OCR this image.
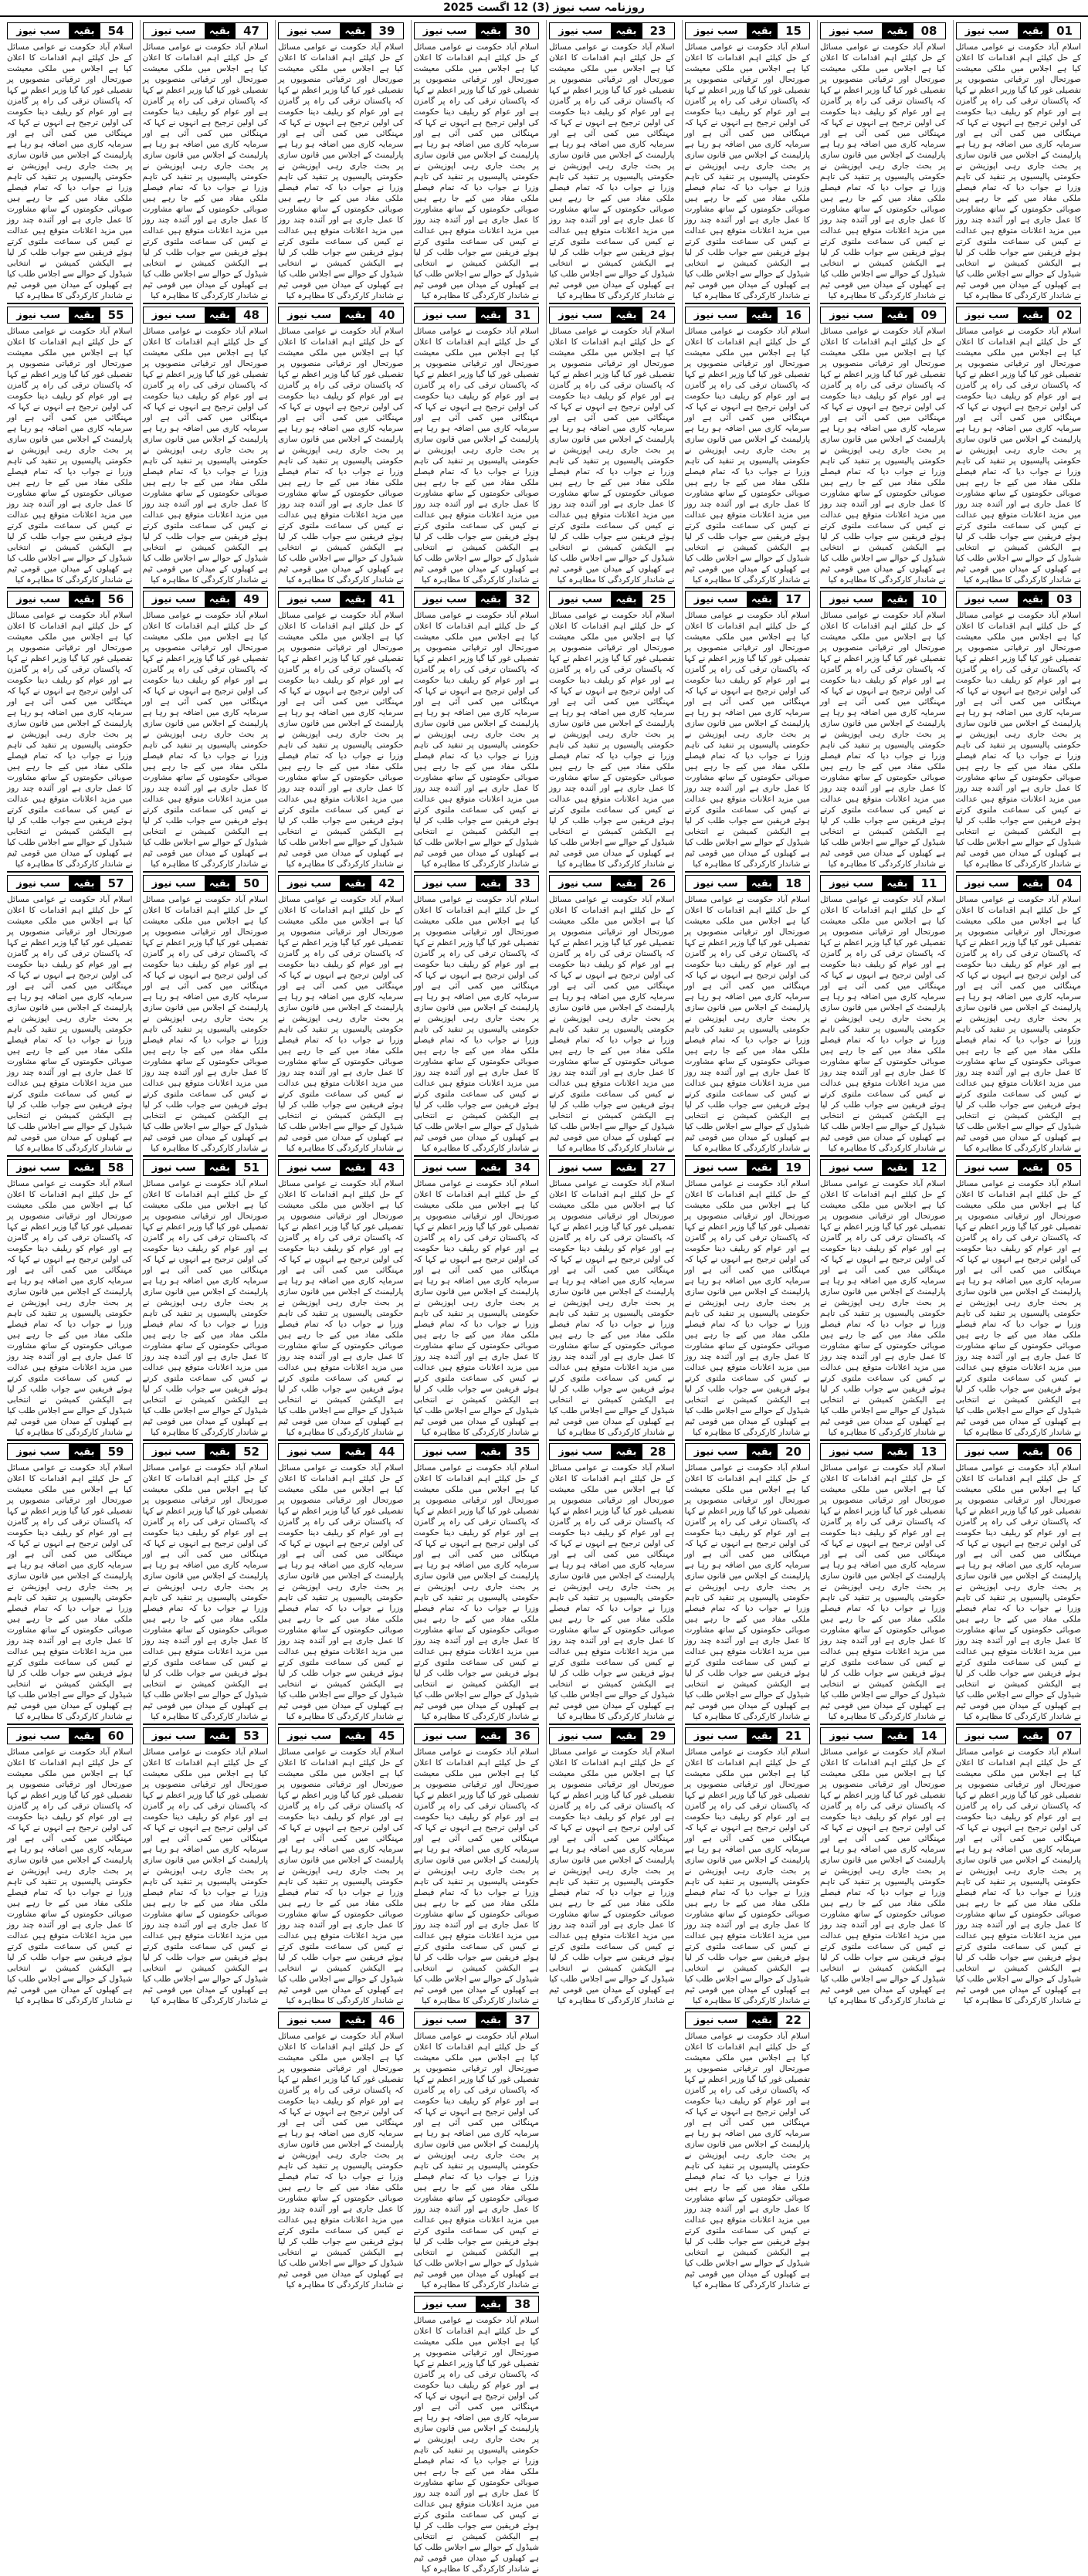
روزنامہ سب نیوز (3) 12 اگست 2025
01
بقیہ
سب نیوز
اسلام آباد حکومت نے عوامی مسائل کے حل کیلئے اہم اقدامات کا اعلان کیا ہے اجلاس میں ملکی معیشت صورتحال اور ترقیاتی منصوبوں پر تفصیلی غور کیا گیا وزیر اعظم نے کہا کہ پاکستان ترقی کی راہ پر گامزن ہے اور عوام کو ریلیف دینا حکومت کی اولین ترجیح ہے انہوں نے کہا کہ مہنگائی میں کمی آئی ہے اور سرمایہ کاری میں اضافہ ہو رہا ہے پارلیمنٹ کے اجلاس میں قانون سازی پر بحث جاری رہی اپوزیشن نے حکومتی پالیسیوں پر تنقید کی تاہم وزرا نے جواب دیا کہ تمام فیصلے ملکی مفاد میں کیے جا رہے ہیں صوبائی حکومتوں کے ساتھ مشاورت کا عمل جاری ہے اور آئندہ چند روز میں مزید اعلانات متوقع ہیں عدالت نے کیس کی سماعت ملتوی کرتے ہوئے فریقین سے جواب طلب کر لیا ہے الیکشن کمیشن نے انتخابی شیڈول کے حوالے سے اجلاس طلب کیا ہے کھیلوں کے میدان میں قومی ٹیم نے شاندار کارکردگی کا مظاہرہ کیا
02
بقیہ
سب نیوز
اسلام آباد حکومت نے عوامی مسائل کے حل کیلئے اہم اقدامات کا اعلان کیا ہے اجلاس میں ملکی معیشت صورتحال اور ترقیاتی منصوبوں پر تفصیلی غور کیا گیا وزیر اعظم نے کہا کہ پاکستان ترقی کی راہ پر گامزن ہے اور عوام کو ریلیف دینا حکومت کی اولین ترجیح ہے انہوں نے کہا کہ مہنگائی میں کمی آئی ہے اور سرمایہ کاری میں اضافہ ہو رہا ہے پارلیمنٹ کے اجلاس میں قانون سازی پر بحث جاری رہی اپوزیشن نے حکومتی پالیسیوں پر تنقید کی تاہم وزرا نے جواب دیا کہ تمام فیصلے ملکی مفاد میں کیے جا رہے ہیں صوبائی حکومتوں کے ساتھ مشاورت کا عمل جاری ہے اور آئندہ چند روز میں مزید اعلانات متوقع ہیں عدالت نے کیس کی سماعت ملتوی کرتے ہوئے فریقین سے جواب طلب کر لیا ہے الیکشن کمیشن نے انتخابی شیڈول کے حوالے سے اجلاس طلب کیا ہے کھیلوں کے میدان میں قومی ٹیم نے شاندار کارکردگی کا مظاہرہ کیا
03
بقیہ
سب نیوز
اسلام آباد حکومت نے عوامی مسائل کے حل کیلئے اہم اقدامات کا اعلان کیا ہے اجلاس میں ملکی معیشت صورتحال اور ترقیاتی منصوبوں پر تفصیلی غور کیا گیا وزیر اعظم نے کہا کہ پاکستان ترقی کی راہ پر گامزن ہے اور عوام کو ریلیف دینا حکومت کی اولین ترجیح ہے انہوں نے کہا کہ مہنگائی میں کمی آئی ہے اور سرمایہ کاری میں اضافہ ہو رہا ہے پارلیمنٹ کے اجلاس میں قانون سازی پر بحث جاری رہی اپوزیشن نے حکومتی پالیسیوں پر تنقید کی تاہم وزرا نے جواب دیا کہ تمام فیصلے ملکی مفاد میں کیے جا رہے ہیں صوبائی حکومتوں کے ساتھ مشاورت کا عمل جاری ہے اور آئندہ چند روز میں مزید اعلانات متوقع ہیں عدالت نے کیس کی سماعت ملتوی کرتے ہوئے فریقین سے جواب طلب کر لیا ہے الیکشن کمیشن نے انتخابی شیڈول کے حوالے سے اجلاس طلب کیا ہے کھیلوں کے میدان میں قومی ٹیم نے شاندار کارکردگی کا مظاہرہ کیا
04
بقیہ
سب نیوز
اسلام آباد حکومت نے عوامی مسائل کے حل کیلئے اہم اقدامات کا اعلان کیا ہے اجلاس میں ملکی معیشت صورتحال اور ترقیاتی منصوبوں پر تفصیلی غور کیا گیا وزیر اعظم نے کہا کہ پاکستان ترقی کی راہ پر گامزن ہے اور عوام کو ریلیف دینا حکومت کی اولین ترجیح ہے انہوں نے کہا کہ مہنگائی میں کمی آئی ہے اور سرمایہ کاری میں اضافہ ہو رہا ہے پارلیمنٹ کے اجلاس میں قانون سازی پر بحث جاری رہی اپوزیشن نے حکومتی پالیسیوں پر تنقید کی تاہم وزرا نے جواب دیا کہ تمام فیصلے ملکی مفاد میں کیے جا رہے ہیں صوبائی حکومتوں کے ساتھ مشاورت کا عمل جاری ہے اور آئندہ چند روز میں مزید اعلانات متوقع ہیں عدالت نے کیس کی سماعت ملتوی کرتے ہوئے فریقین سے جواب طلب کر لیا ہے الیکشن کمیشن نے انتخابی شیڈول کے حوالے سے اجلاس طلب کیا ہے کھیلوں کے میدان میں قومی ٹیم نے شاندار کارکردگی کا مظاہرہ کیا
05
بقیہ
سب نیوز
اسلام آباد حکومت نے عوامی مسائل کے حل کیلئے اہم اقدامات کا اعلان کیا ہے اجلاس میں ملکی معیشت صورتحال اور ترقیاتی منصوبوں پر تفصیلی غور کیا گیا وزیر اعظم نے کہا کہ پاکستان ترقی کی راہ پر گامزن ہے اور عوام کو ریلیف دینا حکومت کی اولین ترجیح ہے انہوں نے کہا کہ مہنگائی میں کمی آئی ہے اور سرمایہ کاری میں اضافہ ہو رہا ہے پارلیمنٹ کے اجلاس میں قانون سازی پر بحث جاری رہی اپوزیشن نے حکومتی پالیسیوں پر تنقید کی تاہم وزرا نے جواب دیا کہ تمام فیصلے ملکی مفاد میں کیے جا رہے ہیں صوبائی حکومتوں کے ساتھ مشاورت کا عمل جاری ہے اور آئندہ چند روز میں مزید اعلانات متوقع ہیں عدالت نے کیس کی سماعت ملتوی کرتے ہوئے فریقین سے جواب طلب کر لیا ہے الیکشن کمیشن نے انتخابی شیڈول کے حوالے سے اجلاس طلب کیا ہے کھیلوں کے میدان میں قومی ٹیم نے شاندار کارکردگی کا مظاہرہ کیا
06
بقیہ
سب نیوز
اسلام آباد حکومت نے عوامی مسائل کے حل کیلئے اہم اقدامات کا اعلان کیا ہے اجلاس میں ملکی معیشت صورتحال اور ترقیاتی منصوبوں پر تفصیلی غور کیا گیا وزیر اعظم نے کہا کہ پاکستان ترقی کی راہ پر گامزن ہے اور عوام کو ریلیف دینا حکومت کی اولین ترجیح ہے انہوں نے کہا کہ مہنگائی میں کمی آئی ہے اور سرمایہ کاری میں اضافہ ہو رہا ہے پارلیمنٹ کے اجلاس میں قانون سازی پر بحث جاری رہی اپوزیشن نے حکومتی پالیسیوں پر تنقید کی تاہم وزرا نے جواب دیا کہ تمام فیصلے ملکی مفاد میں کیے جا رہے ہیں صوبائی حکومتوں کے ساتھ مشاورت کا عمل جاری ہے اور آئندہ چند روز میں مزید اعلانات متوقع ہیں عدالت نے کیس کی سماعت ملتوی کرتے ہوئے فریقین سے جواب طلب کر لیا ہے الیکشن کمیشن نے انتخابی شیڈول کے حوالے سے اجلاس طلب کیا ہے کھیلوں کے میدان میں قومی ٹیم نے شاندار کارکردگی کا مظاہرہ کیا
07
بقیہ
سب نیوز
اسلام آباد حکومت نے عوامی مسائل کے حل کیلئے اہم اقدامات کا اعلان کیا ہے اجلاس میں ملکی معیشت صورتحال اور ترقیاتی منصوبوں پر تفصیلی غور کیا گیا وزیر اعظم نے کہا کہ پاکستان ترقی کی راہ پر گامزن ہے اور عوام کو ریلیف دینا حکومت کی اولین ترجیح ہے انہوں نے کہا کہ مہنگائی میں کمی آئی ہے اور سرمایہ کاری میں اضافہ ہو رہا ہے پارلیمنٹ کے اجلاس میں قانون سازی پر بحث جاری رہی اپوزیشن نے حکومتی پالیسیوں پر تنقید کی تاہم وزرا نے جواب دیا کہ تمام فیصلے ملکی مفاد میں کیے جا رہے ہیں صوبائی حکومتوں کے ساتھ مشاورت کا عمل جاری ہے اور آئندہ چند روز میں مزید اعلانات متوقع ہیں عدالت نے کیس کی سماعت ملتوی کرتے ہوئے فریقین سے جواب طلب کر لیا ہے الیکشن کمیشن نے انتخابی شیڈول کے حوالے سے اجلاس طلب کیا ہے کھیلوں کے میدان میں قومی ٹیم نے شاندار کارکردگی کا مظاہرہ کیا
08
بقیہ
سب نیوز
اسلام آباد حکومت نے عوامی مسائل کے حل کیلئے اہم اقدامات کا اعلان کیا ہے اجلاس میں ملکی معیشت صورتحال اور ترقیاتی منصوبوں پر تفصیلی غور کیا گیا وزیر اعظم نے کہا کہ پاکستان ترقی کی راہ پر گامزن ہے اور عوام کو ریلیف دینا حکومت کی اولین ترجیح ہے انہوں نے کہا کہ مہنگائی میں کمی آئی ہے اور سرمایہ کاری میں اضافہ ہو رہا ہے پارلیمنٹ کے اجلاس میں قانون سازی پر بحث جاری رہی اپوزیشن نے حکومتی پالیسیوں پر تنقید کی تاہم وزرا نے جواب دیا کہ تمام فیصلے ملکی مفاد میں کیے جا رہے ہیں صوبائی حکومتوں کے ساتھ مشاورت کا عمل جاری ہے اور آئندہ چند روز میں مزید اعلانات متوقع ہیں عدالت نے کیس کی سماعت ملتوی کرتے ہوئے فریقین سے جواب طلب کر لیا ہے الیکشن کمیشن نے انتخابی شیڈول کے حوالے سے اجلاس طلب کیا ہے کھیلوں کے میدان میں قومی ٹیم نے شاندار کارکردگی کا مظاہرہ کیا
09
بقیہ
سب نیوز
اسلام آباد حکومت نے عوامی مسائل کے حل کیلئے اہم اقدامات کا اعلان کیا ہے اجلاس میں ملکی معیشت صورتحال اور ترقیاتی منصوبوں پر تفصیلی غور کیا گیا وزیر اعظم نے کہا کہ پاکستان ترقی کی راہ پر گامزن ہے اور عوام کو ریلیف دینا حکومت کی اولین ترجیح ہے انہوں نے کہا کہ مہنگائی میں کمی آئی ہے اور سرمایہ کاری میں اضافہ ہو رہا ہے پارلیمنٹ کے اجلاس میں قانون سازی پر بحث جاری رہی اپوزیشن نے حکومتی پالیسیوں پر تنقید کی تاہم وزرا نے جواب دیا کہ تمام فیصلے ملکی مفاد میں کیے جا رہے ہیں صوبائی حکومتوں کے ساتھ مشاورت کا عمل جاری ہے اور آئندہ چند روز میں مزید اعلانات متوقع ہیں عدالت نے کیس کی سماعت ملتوی کرتے ہوئے فریقین سے جواب طلب کر لیا ہے الیکشن کمیشن نے انتخابی شیڈول کے حوالے سے اجلاس طلب کیا ہے کھیلوں کے میدان میں قومی ٹیم نے شاندار کارکردگی کا مظاہرہ کیا
10
بقیہ
سب نیوز
اسلام آباد حکومت نے عوامی مسائل کے حل کیلئے اہم اقدامات کا اعلان کیا ہے اجلاس میں ملکی معیشت صورتحال اور ترقیاتی منصوبوں پر تفصیلی غور کیا گیا وزیر اعظم نے کہا کہ پاکستان ترقی کی راہ پر گامزن ہے اور عوام کو ریلیف دینا حکومت کی اولین ترجیح ہے انہوں نے کہا کہ مہنگائی میں کمی آئی ہے اور سرمایہ کاری میں اضافہ ہو رہا ہے پارلیمنٹ کے اجلاس میں قانون سازی پر بحث جاری رہی اپوزیشن نے حکومتی پالیسیوں پر تنقید کی تاہم وزرا نے جواب دیا کہ تمام فیصلے ملکی مفاد میں کیے جا رہے ہیں صوبائی حکومتوں کے ساتھ مشاورت کا عمل جاری ہے اور آئندہ چند روز میں مزید اعلانات متوقع ہیں عدالت نے کیس کی سماعت ملتوی کرتے ہوئے فریقین سے جواب طلب کر لیا ہے الیکشن کمیشن نے انتخابی شیڈول کے حوالے سے اجلاس طلب کیا ہے کھیلوں کے میدان میں قومی ٹیم نے شاندار کارکردگی کا مظاہرہ کیا
11
بقیہ
سب نیوز
اسلام آباد حکومت نے عوامی مسائل کے حل کیلئے اہم اقدامات کا اعلان کیا ہے اجلاس میں ملکی معیشت صورتحال اور ترقیاتی منصوبوں پر تفصیلی غور کیا گیا وزیر اعظم نے کہا کہ پاکستان ترقی کی راہ پر گامزن ہے اور عوام کو ریلیف دینا حکومت کی اولین ترجیح ہے انہوں نے کہا کہ مہنگائی میں کمی آئی ہے اور سرمایہ کاری میں اضافہ ہو رہا ہے پارلیمنٹ کے اجلاس میں قانون سازی پر بحث جاری رہی اپوزیشن نے حکومتی پالیسیوں پر تنقید کی تاہم وزرا نے جواب دیا کہ تمام فیصلے ملکی مفاد میں کیے جا رہے ہیں صوبائی حکومتوں کے ساتھ مشاورت کا عمل جاری ہے اور آئندہ چند روز میں مزید اعلانات متوقع ہیں عدالت نے کیس کی سماعت ملتوی کرتے ہوئے فریقین سے جواب طلب کر لیا ہے الیکشن کمیشن نے انتخابی شیڈول کے حوالے سے اجلاس طلب کیا ہے کھیلوں کے میدان میں قومی ٹیم نے شاندار کارکردگی کا مظاہرہ کیا
12
بقیہ
سب نیوز
اسلام آباد حکومت نے عوامی مسائل کے حل کیلئے اہم اقدامات کا اعلان کیا ہے اجلاس میں ملکی معیشت صورتحال اور ترقیاتی منصوبوں پر تفصیلی غور کیا گیا وزیر اعظم نے کہا کہ پاکستان ترقی کی راہ پر گامزن ہے اور عوام کو ریلیف دینا حکومت کی اولین ترجیح ہے انہوں نے کہا کہ مہنگائی میں کمی آئی ہے اور سرمایہ کاری میں اضافہ ہو رہا ہے پارلیمنٹ کے اجلاس میں قانون سازی پر بحث جاری رہی اپوزیشن نے حکومتی پالیسیوں پر تنقید کی تاہم وزرا نے جواب دیا کہ تمام فیصلے ملکی مفاد میں کیے جا رہے ہیں صوبائی حکومتوں کے ساتھ مشاورت کا عمل جاری ہے اور آئندہ چند روز میں مزید اعلانات متوقع ہیں عدالت نے کیس کی سماعت ملتوی کرتے ہوئے فریقین سے جواب طلب کر لیا ہے الیکشن کمیشن نے انتخابی شیڈول کے حوالے سے اجلاس طلب کیا ہے کھیلوں کے میدان میں قومی ٹیم نے شاندار کارکردگی کا مظاہرہ کیا
13
بقیہ
سب نیوز
اسلام آباد حکومت نے عوامی مسائل کے حل کیلئے اہم اقدامات کا اعلان کیا ہے اجلاس میں ملکی معیشت صورتحال اور ترقیاتی منصوبوں پر تفصیلی غور کیا گیا وزیر اعظم نے کہا کہ پاکستان ترقی کی راہ پر گامزن ہے اور عوام کو ریلیف دینا حکومت کی اولین ترجیح ہے انہوں نے کہا کہ مہنگائی میں کمی آئی ہے اور سرمایہ کاری میں اضافہ ہو رہا ہے پارلیمنٹ کے اجلاس میں قانون سازی پر بحث جاری رہی اپوزیشن نے حکومتی پالیسیوں پر تنقید کی تاہم وزرا نے جواب دیا کہ تمام فیصلے ملکی مفاد میں کیے جا رہے ہیں صوبائی حکومتوں کے ساتھ مشاورت کا عمل جاری ہے اور آئندہ چند روز میں مزید اعلانات متوقع ہیں عدالت نے کیس کی سماعت ملتوی کرتے ہوئے فریقین سے جواب طلب کر لیا ہے الیکشن کمیشن نے انتخابی شیڈول کے حوالے سے اجلاس طلب کیا ہے کھیلوں کے میدان میں قومی ٹیم نے شاندار کارکردگی کا مظاہرہ کیا
14
بقیہ
سب نیوز
اسلام آباد حکومت نے عوامی مسائل کے حل کیلئے اہم اقدامات کا اعلان کیا ہے اجلاس میں ملکی معیشت صورتحال اور ترقیاتی منصوبوں پر تفصیلی غور کیا گیا وزیر اعظم نے کہا کہ پاکستان ترقی کی راہ پر گامزن ہے اور عوام کو ریلیف دینا حکومت کی اولین ترجیح ہے انہوں نے کہا کہ مہنگائی میں کمی آئی ہے اور سرمایہ کاری میں اضافہ ہو رہا ہے پارلیمنٹ کے اجلاس میں قانون سازی پر بحث جاری رہی اپوزیشن نے حکومتی پالیسیوں پر تنقید کی تاہم وزرا نے جواب دیا کہ تمام فیصلے ملکی مفاد میں کیے جا رہے ہیں صوبائی حکومتوں کے ساتھ مشاورت کا عمل جاری ہے اور آئندہ چند روز میں مزید اعلانات متوقع ہیں عدالت نے کیس کی سماعت ملتوی کرتے ہوئے فریقین سے جواب طلب کر لیا ہے الیکشن کمیشن نے انتخابی شیڈول کے حوالے سے اجلاس طلب کیا ہے کھیلوں کے میدان میں قومی ٹیم نے شاندار کارکردگی کا مظاہرہ کیا
15
بقیہ
سب نیوز
اسلام آباد حکومت نے عوامی مسائل کے حل کیلئے اہم اقدامات کا اعلان کیا ہے اجلاس میں ملکی معیشت صورتحال اور ترقیاتی منصوبوں پر تفصیلی غور کیا گیا وزیر اعظم نے کہا کہ پاکستان ترقی کی راہ پر گامزن ہے اور عوام کو ریلیف دینا حکومت کی اولین ترجیح ہے انہوں نے کہا کہ مہنگائی میں کمی آئی ہے اور سرمایہ کاری میں اضافہ ہو رہا ہے پارلیمنٹ کے اجلاس میں قانون سازی پر بحث جاری رہی اپوزیشن نے حکومتی پالیسیوں پر تنقید کی تاہم وزرا نے جواب دیا کہ تمام فیصلے ملکی مفاد میں کیے جا رہے ہیں صوبائی حکومتوں کے ساتھ مشاورت کا عمل جاری ہے اور آئندہ چند روز میں مزید اعلانات متوقع ہیں عدالت نے کیس کی سماعت ملتوی کرتے ہوئے فریقین سے جواب طلب کر لیا ہے الیکشن کمیشن نے انتخابی شیڈول کے حوالے سے اجلاس طلب کیا ہے کھیلوں کے میدان میں قومی ٹیم نے شاندار کارکردگی کا مظاہرہ کیا
16
بقیہ
سب نیوز
اسلام آباد حکومت نے عوامی مسائل کے حل کیلئے اہم اقدامات کا اعلان کیا ہے اجلاس میں ملکی معیشت صورتحال اور ترقیاتی منصوبوں پر تفصیلی غور کیا گیا وزیر اعظم نے کہا کہ پاکستان ترقی کی راہ پر گامزن ہے اور عوام کو ریلیف دینا حکومت کی اولین ترجیح ہے انہوں نے کہا کہ مہنگائی میں کمی آئی ہے اور سرمایہ کاری میں اضافہ ہو رہا ہے پارلیمنٹ کے اجلاس میں قانون سازی پر بحث جاری رہی اپوزیشن نے حکومتی پالیسیوں پر تنقید کی تاہم وزرا نے جواب دیا کہ تمام فیصلے ملکی مفاد میں کیے جا رہے ہیں صوبائی حکومتوں کے ساتھ مشاورت کا عمل جاری ہے اور آئندہ چند روز میں مزید اعلانات متوقع ہیں عدالت نے کیس کی سماعت ملتوی کرتے ہوئے فریقین سے جواب طلب کر لیا ہے الیکشن کمیشن نے انتخابی شیڈول کے حوالے سے اجلاس طلب کیا ہے کھیلوں کے میدان میں قومی ٹیم نے شاندار کارکردگی کا مظاہرہ کیا
17
بقیہ
سب نیوز
اسلام آباد حکومت نے عوامی مسائل کے حل کیلئے اہم اقدامات کا اعلان کیا ہے اجلاس میں ملکی معیشت صورتحال اور ترقیاتی منصوبوں پر تفصیلی غور کیا گیا وزیر اعظم نے کہا کہ پاکستان ترقی کی راہ پر گامزن ہے اور عوام کو ریلیف دینا حکومت کی اولین ترجیح ہے انہوں نے کہا کہ مہنگائی میں کمی آئی ہے اور سرمایہ کاری میں اضافہ ہو رہا ہے پارلیمنٹ کے اجلاس میں قانون سازی پر بحث جاری رہی اپوزیشن نے حکومتی پالیسیوں پر تنقید کی تاہم وزرا نے جواب دیا کہ تمام فیصلے ملکی مفاد میں کیے جا رہے ہیں صوبائی حکومتوں کے ساتھ مشاورت کا عمل جاری ہے اور آئندہ چند روز میں مزید اعلانات متوقع ہیں عدالت نے کیس کی سماعت ملتوی کرتے ہوئے فریقین سے جواب طلب کر لیا ہے الیکشن کمیشن نے انتخابی شیڈول کے حوالے سے اجلاس طلب کیا ہے کھیلوں کے میدان میں قومی ٹیم نے شاندار کارکردگی کا مظاہرہ کیا
18
بقیہ
سب نیوز
اسلام آباد حکومت نے عوامی مسائل کے حل کیلئے اہم اقدامات کا اعلان کیا ہے اجلاس میں ملکی معیشت صورتحال اور ترقیاتی منصوبوں پر تفصیلی غور کیا گیا وزیر اعظم نے کہا کہ پاکستان ترقی کی راہ پر گامزن ہے اور عوام کو ریلیف دینا حکومت کی اولین ترجیح ہے انہوں نے کہا کہ مہنگائی میں کمی آئی ہے اور سرمایہ کاری میں اضافہ ہو رہا ہے پارلیمنٹ کے اجلاس میں قانون سازی پر بحث جاری رہی اپوزیشن نے حکومتی پالیسیوں پر تنقید کی تاہم وزرا نے جواب دیا کہ تمام فیصلے ملکی مفاد میں کیے جا رہے ہیں صوبائی حکومتوں کے ساتھ مشاورت کا عمل جاری ہے اور آئندہ چند روز میں مزید اعلانات متوقع ہیں عدالت نے کیس کی سماعت ملتوی کرتے ہوئے فریقین سے جواب طلب کر لیا ہے الیکشن کمیشن نے انتخابی شیڈول کے حوالے سے اجلاس طلب کیا ہے کھیلوں کے میدان میں قومی ٹیم نے شاندار کارکردگی کا مظاہرہ کیا
19
بقیہ
سب نیوز
اسلام آباد حکومت نے عوامی مسائل کے حل کیلئے اہم اقدامات کا اعلان کیا ہے اجلاس میں ملکی معیشت صورتحال اور ترقیاتی منصوبوں پر تفصیلی غور کیا گیا وزیر اعظم نے کہا کہ پاکستان ترقی کی راہ پر گامزن ہے اور عوام کو ریلیف دینا حکومت کی اولین ترجیح ہے انہوں نے کہا کہ مہنگائی میں کمی آئی ہے اور سرمایہ کاری میں اضافہ ہو رہا ہے پارلیمنٹ کے اجلاس میں قانون سازی پر بحث جاری رہی اپوزیشن نے حکومتی پالیسیوں پر تنقید کی تاہم وزرا نے جواب دیا کہ تمام فیصلے ملکی مفاد میں کیے جا رہے ہیں صوبائی حکومتوں کے ساتھ مشاورت کا عمل جاری ہے اور آئندہ چند روز میں مزید اعلانات متوقع ہیں عدالت نے کیس کی سماعت ملتوی کرتے ہوئے فریقین سے جواب طلب کر لیا ہے الیکشن کمیشن نے انتخابی شیڈول کے حوالے سے اجلاس طلب کیا ہے کھیلوں کے میدان میں قومی ٹیم نے شاندار کارکردگی کا مظاہرہ کیا
20
بقیہ
سب نیوز
اسلام آباد حکومت نے عوامی مسائل کے حل کیلئے اہم اقدامات کا اعلان کیا ہے اجلاس میں ملکی معیشت صورتحال اور ترقیاتی منصوبوں پر تفصیلی غور کیا گیا وزیر اعظم نے کہا کہ پاکستان ترقی کی راہ پر گامزن ہے اور عوام کو ریلیف دینا حکومت کی اولین ترجیح ہے انہوں نے کہا کہ مہنگائی میں کمی آئی ہے اور سرمایہ کاری میں اضافہ ہو رہا ہے پارلیمنٹ کے اجلاس میں قانون سازی پر بحث جاری رہی اپوزیشن نے حکومتی پالیسیوں پر تنقید کی تاہم وزرا نے جواب دیا کہ تمام فیصلے ملکی مفاد میں کیے جا رہے ہیں صوبائی حکومتوں کے ساتھ مشاورت کا عمل جاری ہے اور آئندہ چند روز میں مزید اعلانات متوقع ہیں عدالت نے کیس کی سماعت ملتوی کرتے ہوئے فریقین سے جواب طلب کر لیا ہے الیکشن کمیشن نے انتخابی شیڈول کے حوالے سے اجلاس طلب کیا ہے کھیلوں کے میدان میں قومی ٹیم نے شاندار کارکردگی کا مظاہرہ کیا
21
بقیہ
سب نیوز
اسلام آباد حکومت نے عوامی مسائل کے حل کیلئے اہم اقدامات کا اعلان کیا ہے اجلاس میں ملکی معیشت صورتحال اور ترقیاتی منصوبوں پر تفصیلی غور کیا گیا وزیر اعظم نے کہا کہ پاکستان ترقی کی راہ پر گامزن ہے اور عوام کو ریلیف دینا حکومت کی اولین ترجیح ہے انہوں نے کہا کہ مہنگائی میں کمی آئی ہے اور سرمایہ کاری میں اضافہ ہو رہا ہے پارلیمنٹ کے اجلاس میں قانون سازی پر بحث جاری رہی اپوزیشن نے حکومتی پالیسیوں پر تنقید کی تاہم وزرا نے جواب دیا کہ تمام فیصلے ملکی مفاد میں کیے جا رہے ہیں صوبائی حکومتوں کے ساتھ مشاورت کا عمل جاری ہے اور آئندہ چند روز میں مزید اعلانات متوقع ہیں عدالت نے کیس کی سماعت ملتوی کرتے ہوئے فریقین سے جواب طلب کر لیا ہے الیکشن کمیشن نے انتخابی شیڈول کے حوالے سے اجلاس طلب کیا ہے کھیلوں کے میدان میں قومی ٹیم نے شاندار کارکردگی کا مظاہرہ کیا
22
بقیہ
سب نیوز
اسلام آباد حکومت نے عوامی مسائل کے حل کیلئے اہم اقدامات کا اعلان کیا ہے اجلاس میں ملکی معیشت صورتحال اور ترقیاتی منصوبوں پر تفصیلی غور کیا گیا وزیر اعظم نے کہا کہ پاکستان ترقی کی راہ پر گامزن ہے اور عوام کو ریلیف دینا حکومت کی اولین ترجیح ہے انہوں نے کہا کہ مہنگائی میں کمی آئی ہے اور سرمایہ کاری میں اضافہ ہو رہا ہے پارلیمنٹ کے اجلاس میں قانون سازی پر بحث جاری رہی اپوزیشن نے حکومتی پالیسیوں پر تنقید کی تاہم وزرا نے جواب دیا کہ تمام فیصلے ملکی مفاد میں کیے جا رہے ہیں صوبائی حکومتوں کے ساتھ مشاورت کا عمل جاری ہے اور آئندہ چند روز میں مزید اعلانات متوقع ہیں عدالت نے کیس کی سماعت ملتوی کرتے ہوئے فریقین سے جواب طلب کر لیا ہے الیکشن کمیشن نے انتخابی شیڈول کے حوالے سے اجلاس طلب کیا ہے کھیلوں کے میدان میں قومی ٹیم نے شاندار کارکردگی کا مظاہرہ کیا
23
بقیہ
سب نیوز
اسلام آباد حکومت نے عوامی مسائل کے حل کیلئے اہم اقدامات کا اعلان کیا ہے اجلاس میں ملکی معیشت صورتحال اور ترقیاتی منصوبوں پر تفصیلی غور کیا گیا وزیر اعظم نے کہا کہ پاکستان ترقی کی راہ پر گامزن ہے اور عوام کو ریلیف دینا حکومت کی اولین ترجیح ہے انہوں نے کہا کہ مہنگائی میں کمی آئی ہے اور سرمایہ کاری میں اضافہ ہو رہا ہے پارلیمنٹ کے اجلاس میں قانون سازی پر بحث جاری رہی اپوزیشن نے حکومتی پالیسیوں پر تنقید کی تاہم وزرا نے جواب دیا کہ تمام فیصلے ملکی مفاد میں کیے جا رہے ہیں صوبائی حکومتوں کے ساتھ مشاورت کا عمل جاری ہے اور آئندہ چند روز میں مزید اعلانات متوقع ہیں عدالت نے کیس کی سماعت ملتوی کرتے ہوئے فریقین سے جواب طلب کر لیا ہے الیکشن کمیشن نے انتخابی شیڈول کے حوالے سے اجلاس طلب کیا ہے کھیلوں کے میدان میں قومی ٹیم نے شاندار کارکردگی کا مظاہرہ کیا
24
بقیہ
سب نیوز
اسلام آباد حکومت نے عوامی مسائل کے حل کیلئے اہم اقدامات کا اعلان کیا ہے اجلاس میں ملکی معیشت صورتحال اور ترقیاتی منصوبوں پر تفصیلی غور کیا گیا وزیر اعظم نے کہا کہ پاکستان ترقی کی راہ پر گامزن ہے اور عوام کو ریلیف دینا حکومت کی اولین ترجیح ہے انہوں نے کہا کہ مہنگائی میں کمی آئی ہے اور سرمایہ کاری میں اضافہ ہو رہا ہے پارلیمنٹ کے اجلاس میں قانون سازی پر بحث جاری رہی اپوزیشن نے حکومتی پالیسیوں پر تنقید کی تاہم وزرا نے جواب دیا کہ تمام فیصلے ملکی مفاد میں کیے جا رہے ہیں صوبائی حکومتوں کے ساتھ مشاورت کا عمل جاری ہے اور آئندہ چند روز میں مزید اعلانات متوقع ہیں عدالت نے کیس کی سماعت ملتوی کرتے ہوئے فریقین سے جواب طلب کر لیا ہے الیکشن کمیشن نے انتخابی شیڈول کے حوالے سے اجلاس طلب کیا ہے کھیلوں کے میدان میں قومی ٹیم نے شاندار کارکردگی کا مظاہرہ کیا
25
بقیہ
سب نیوز
اسلام آباد حکومت نے عوامی مسائل کے حل کیلئے اہم اقدامات کا اعلان کیا ہے اجلاس میں ملکی معیشت صورتحال اور ترقیاتی منصوبوں پر تفصیلی غور کیا گیا وزیر اعظم نے کہا کہ پاکستان ترقی کی راہ پر گامزن ہے اور عوام کو ریلیف دینا حکومت کی اولین ترجیح ہے انہوں نے کہا کہ مہنگائی میں کمی آئی ہے اور سرمایہ کاری میں اضافہ ہو رہا ہے پارلیمنٹ کے اجلاس میں قانون سازی پر بحث جاری رہی اپوزیشن نے حکومتی پالیسیوں پر تنقید کی تاہم وزرا نے جواب دیا کہ تمام فیصلے ملکی مفاد میں کیے جا رہے ہیں صوبائی حکومتوں کے ساتھ مشاورت کا عمل جاری ہے اور آئندہ چند روز میں مزید اعلانات متوقع ہیں عدالت نے کیس کی سماعت ملتوی کرتے ہوئے فریقین سے جواب طلب کر لیا ہے الیکشن کمیشن نے انتخابی شیڈول کے حوالے سے اجلاس طلب کیا ہے کھیلوں کے میدان میں قومی ٹیم نے شاندار کارکردگی کا مظاہرہ کیا
26
بقیہ
سب نیوز
اسلام آباد حکومت نے عوامی مسائل کے حل کیلئے اہم اقدامات کا اعلان کیا ہے اجلاس میں ملکی معیشت صورتحال اور ترقیاتی منصوبوں پر تفصیلی غور کیا گیا وزیر اعظم نے کہا کہ پاکستان ترقی کی راہ پر گامزن ہے اور عوام کو ریلیف دینا حکومت کی اولین ترجیح ہے انہوں نے کہا کہ مہنگائی میں کمی آئی ہے اور سرمایہ کاری میں اضافہ ہو رہا ہے پارلیمنٹ کے اجلاس میں قانون سازی پر بحث جاری رہی اپوزیشن نے حکومتی پالیسیوں پر تنقید کی تاہم وزرا نے جواب دیا کہ تمام فیصلے ملکی مفاد میں کیے جا رہے ہیں صوبائی حکومتوں کے ساتھ مشاورت کا عمل جاری ہے اور آئندہ چند روز میں مزید اعلانات متوقع ہیں عدالت نے کیس کی سماعت ملتوی کرتے ہوئے فریقین سے جواب طلب کر لیا ہے الیکشن کمیشن نے انتخابی شیڈول کے حوالے سے اجلاس طلب کیا ہے کھیلوں کے میدان میں قومی ٹیم نے شاندار کارکردگی کا مظاہرہ کیا
27
بقیہ
سب نیوز
اسلام آباد حکومت نے عوامی مسائل کے حل کیلئے اہم اقدامات کا اعلان کیا ہے اجلاس میں ملکی معیشت صورتحال اور ترقیاتی منصوبوں پر تفصیلی غور کیا گیا وزیر اعظم نے کہا کہ پاکستان ترقی کی راہ پر گامزن ہے اور عوام کو ریلیف دینا حکومت کی اولین ترجیح ہے انہوں نے کہا کہ مہنگائی میں کمی آئی ہے اور سرمایہ کاری میں اضافہ ہو رہا ہے پارلیمنٹ کے اجلاس میں قانون سازی پر بحث جاری رہی اپوزیشن نے حکومتی پالیسیوں پر تنقید کی تاہم وزرا نے جواب دیا کہ تمام فیصلے ملکی مفاد میں کیے جا رہے ہیں صوبائی حکومتوں کے ساتھ مشاورت کا عمل جاری ہے اور آئندہ چند روز میں مزید اعلانات متوقع ہیں عدالت نے کیس کی سماعت ملتوی کرتے ہوئے فریقین سے جواب طلب کر لیا ہے الیکشن کمیشن نے انتخابی شیڈول کے حوالے سے اجلاس طلب کیا ہے کھیلوں کے میدان میں قومی ٹیم نے شاندار کارکردگی کا مظاہرہ کیا
28
بقیہ
سب نیوز
اسلام آباد حکومت نے عوامی مسائل کے حل کیلئے اہم اقدامات کا اعلان کیا ہے اجلاس میں ملکی معیشت صورتحال اور ترقیاتی منصوبوں پر تفصیلی غور کیا گیا وزیر اعظم نے کہا کہ پاکستان ترقی کی راہ پر گامزن ہے اور عوام کو ریلیف دینا حکومت کی اولین ترجیح ہے انہوں نے کہا کہ مہنگائی میں کمی آئی ہے اور سرمایہ کاری میں اضافہ ہو رہا ہے پارلیمنٹ کے اجلاس میں قانون سازی پر بحث جاری رہی اپوزیشن نے حکومتی پالیسیوں پر تنقید کی تاہم وزرا نے جواب دیا کہ تمام فیصلے ملکی مفاد میں کیے جا رہے ہیں صوبائی حکومتوں کے ساتھ مشاورت کا عمل جاری ہے اور آئندہ چند روز میں مزید اعلانات متوقع ہیں عدالت نے کیس کی سماعت ملتوی کرتے ہوئے فریقین سے جواب طلب کر لیا ہے الیکشن کمیشن نے انتخابی شیڈول کے حوالے سے اجلاس طلب کیا ہے کھیلوں کے میدان میں قومی ٹیم نے شاندار کارکردگی کا مظاہرہ کیا
29
بقیہ
سب نیوز
اسلام آباد حکومت نے عوامی مسائل کے حل کیلئے اہم اقدامات کا اعلان کیا ہے اجلاس میں ملکی معیشت صورتحال اور ترقیاتی منصوبوں پر تفصیلی غور کیا گیا وزیر اعظم نے کہا کہ پاکستان ترقی کی راہ پر گامزن ہے اور عوام کو ریلیف دینا حکومت کی اولین ترجیح ہے انہوں نے کہا کہ مہنگائی میں کمی آئی ہے اور سرمایہ کاری میں اضافہ ہو رہا ہے پارلیمنٹ کے اجلاس میں قانون سازی پر بحث جاری رہی اپوزیشن نے حکومتی پالیسیوں پر تنقید کی تاہم وزرا نے جواب دیا کہ تمام فیصلے ملکی مفاد میں کیے جا رہے ہیں صوبائی حکومتوں کے ساتھ مشاورت کا عمل جاری ہے اور آئندہ چند روز میں مزید اعلانات متوقع ہیں عدالت نے کیس کی سماعت ملتوی کرتے ہوئے فریقین سے جواب طلب کر لیا ہے الیکشن کمیشن نے انتخابی شیڈول کے حوالے سے اجلاس طلب کیا ہے کھیلوں کے میدان میں قومی ٹیم نے شاندار کارکردگی کا مظاہرہ کیا
30
بقیہ
سب نیوز
اسلام آباد حکومت نے عوامی مسائل کے حل کیلئے اہم اقدامات کا اعلان کیا ہے اجلاس میں ملکی معیشت صورتحال اور ترقیاتی منصوبوں پر تفصیلی غور کیا گیا وزیر اعظم نے کہا کہ پاکستان ترقی کی راہ پر گامزن ہے اور عوام کو ریلیف دینا حکومت کی اولین ترجیح ہے انہوں نے کہا کہ مہنگائی میں کمی آئی ہے اور سرمایہ کاری میں اضافہ ہو رہا ہے پارلیمنٹ کے اجلاس میں قانون سازی پر بحث جاری رہی اپوزیشن نے حکومتی پالیسیوں پر تنقید کی تاہم وزرا نے جواب دیا کہ تمام فیصلے ملکی مفاد میں کیے جا رہے ہیں صوبائی حکومتوں کے ساتھ مشاورت کا عمل جاری ہے اور آئندہ چند روز میں مزید اعلانات متوقع ہیں عدالت نے کیس کی سماعت ملتوی کرتے ہوئے فریقین سے جواب طلب کر لیا ہے الیکشن کمیشن نے انتخابی شیڈول کے حوالے سے اجلاس طلب کیا ہے کھیلوں کے میدان میں قومی ٹیم نے شاندار کارکردگی کا مظاہرہ کیا
31
بقیہ
سب نیوز
اسلام آباد حکومت نے عوامی مسائل کے حل کیلئے اہم اقدامات کا اعلان کیا ہے اجلاس میں ملکی معیشت صورتحال اور ترقیاتی منصوبوں پر تفصیلی غور کیا گیا وزیر اعظم نے کہا کہ پاکستان ترقی کی راہ پر گامزن ہے اور عوام کو ریلیف دینا حکومت کی اولین ترجیح ہے انہوں نے کہا کہ مہنگائی میں کمی آئی ہے اور سرمایہ کاری میں اضافہ ہو رہا ہے پارلیمنٹ کے اجلاس میں قانون سازی پر بحث جاری رہی اپوزیشن نے حکومتی پالیسیوں پر تنقید کی تاہم وزرا نے جواب دیا کہ تمام فیصلے ملکی مفاد میں کیے جا رہے ہیں صوبائی حکومتوں کے ساتھ مشاورت کا عمل جاری ہے اور آئندہ چند روز میں مزید اعلانات متوقع ہیں عدالت نے کیس کی سماعت ملتوی کرتے ہوئے فریقین سے جواب طلب کر لیا ہے الیکشن کمیشن نے انتخابی شیڈول کے حوالے سے اجلاس طلب کیا ہے کھیلوں کے میدان میں قومی ٹیم نے شاندار کارکردگی کا مظاہرہ کیا
32
بقیہ
سب نیوز
اسلام آباد حکومت نے عوامی مسائل کے حل کیلئے اہم اقدامات کا اعلان کیا ہے اجلاس میں ملکی معیشت صورتحال اور ترقیاتی منصوبوں پر تفصیلی غور کیا گیا وزیر اعظم نے کہا کہ پاکستان ترقی کی راہ پر گامزن ہے اور عوام کو ریلیف دینا حکومت کی اولین ترجیح ہے انہوں نے کہا کہ مہنگائی میں کمی آئی ہے اور سرمایہ کاری میں اضافہ ہو رہا ہے پارلیمنٹ کے اجلاس میں قانون سازی پر بحث جاری رہی اپوزیشن نے حکومتی پالیسیوں پر تنقید کی تاہم وزرا نے جواب دیا کہ تمام فیصلے ملکی مفاد میں کیے جا رہے ہیں صوبائی حکومتوں کے ساتھ مشاورت کا عمل جاری ہے اور آئندہ چند روز میں مزید اعلانات متوقع ہیں عدالت نے کیس کی سماعت ملتوی کرتے ہوئے فریقین سے جواب طلب کر لیا ہے الیکشن کمیشن نے انتخابی شیڈول کے حوالے سے اجلاس طلب کیا ہے کھیلوں کے میدان میں قومی ٹیم نے شاندار کارکردگی کا مظاہرہ کیا
33
بقیہ
سب نیوز
اسلام آباد حکومت نے عوامی مسائل کے حل کیلئے اہم اقدامات کا اعلان کیا ہے اجلاس میں ملکی معیشت صورتحال اور ترقیاتی منصوبوں پر تفصیلی غور کیا گیا وزیر اعظم نے کہا کہ پاکستان ترقی کی راہ پر گامزن ہے اور عوام کو ریلیف دینا حکومت کی اولین ترجیح ہے انہوں نے کہا کہ مہنگائی میں کمی آئی ہے اور سرمایہ کاری میں اضافہ ہو رہا ہے پارلیمنٹ کے اجلاس میں قانون سازی پر بحث جاری رہی اپوزیشن نے حکومتی پالیسیوں پر تنقید کی تاہم وزرا نے جواب دیا کہ تمام فیصلے ملکی مفاد میں کیے جا رہے ہیں صوبائی حکومتوں کے ساتھ مشاورت کا عمل جاری ہے اور آئندہ چند روز میں مزید اعلانات متوقع ہیں عدالت نے کیس کی سماعت ملتوی کرتے ہوئے فریقین سے جواب طلب کر لیا ہے الیکشن کمیشن نے انتخابی شیڈول کے حوالے سے اجلاس طلب کیا ہے کھیلوں کے میدان میں قومی ٹیم نے شاندار کارکردگی کا مظاہرہ کیا
34
بقیہ
سب نیوز
اسلام آباد حکومت نے عوامی مسائل کے حل کیلئے اہم اقدامات کا اعلان کیا ہے اجلاس میں ملکی معیشت صورتحال اور ترقیاتی منصوبوں پر تفصیلی غور کیا گیا وزیر اعظم نے کہا کہ پاکستان ترقی کی راہ پر گامزن ہے اور عوام کو ریلیف دینا حکومت کی اولین ترجیح ہے انہوں نے کہا کہ مہنگائی میں کمی آئی ہے اور سرمایہ کاری میں اضافہ ہو رہا ہے پارلیمنٹ کے اجلاس میں قانون سازی پر بحث جاری رہی اپوزیشن نے حکومتی پالیسیوں پر تنقید کی تاہم وزرا نے جواب دیا کہ تمام فیصلے ملکی مفاد میں کیے جا رہے ہیں صوبائی حکومتوں کے ساتھ مشاورت کا عمل جاری ہے اور آئندہ چند روز میں مزید اعلانات متوقع ہیں عدالت نے کیس کی سماعت ملتوی کرتے ہوئے فریقین سے جواب طلب کر لیا ہے الیکشن کمیشن نے انتخابی شیڈول کے حوالے سے اجلاس طلب کیا ہے کھیلوں کے میدان میں قومی ٹیم نے شاندار کارکردگی کا مظاہرہ کیا
35
بقیہ
سب نیوز
اسلام آباد حکومت نے عوامی مسائل کے حل کیلئے اہم اقدامات کا اعلان کیا ہے اجلاس میں ملکی معیشت صورتحال اور ترقیاتی منصوبوں پر تفصیلی غور کیا گیا وزیر اعظم نے کہا کہ پاکستان ترقی کی راہ پر گامزن ہے اور عوام کو ریلیف دینا حکومت کی اولین ترجیح ہے انہوں نے کہا کہ مہنگائی میں کمی آئی ہے اور سرمایہ کاری میں اضافہ ہو رہا ہے پارلیمنٹ کے اجلاس میں قانون سازی پر بحث جاری رہی اپوزیشن نے حکومتی پالیسیوں پر تنقید کی تاہم وزرا نے جواب دیا کہ تمام فیصلے ملکی مفاد میں کیے جا رہے ہیں صوبائی حکومتوں کے ساتھ مشاورت کا عمل جاری ہے اور آئندہ چند روز میں مزید اعلانات متوقع ہیں عدالت نے کیس کی سماعت ملتوی کرتے ہوئے فریقین سے جواب طلب کر لیا ہے الیکشن کمیشن نے انتخابی شیڈول کے حوالے سے اجلاس طلب کیا ہے کھیلوں کے میدان میں قومی ٹیم نے شاندار کارکردگی کا مظاہرہ کیا
36
بقیہ
سب نیوز
اسلام آباد حکومت نے عوامی مسائل کے حل کیلئے اہم اقدامات کا اعلان کیا ہے اجلاس میں ملکی معیشت صورتحال اور ترقیاتی منصوبوں پر تفصیلی غور کیا گیا وزیر اعظم نے کہا کہ پاکستان ترقی کی راہ پر گامزن ہے اور عوام کو ریلیف دینا حکومت کی اولین ترجیح ہے انہوں نے کہا کہ مہنگائی میں کمی آئی ہے اور سرمایہ کاری میں اضافہ ہو رہا ہے پارلیمنٹ کے اجلاس میں قانون سازی پر بحث جاری رہی اپوزیشن نے حکومتی پالیسیوں پر تنقید کی تاہم وزرا نے جواب دیا کہ تمام فیصلے ملکی مفاد میں کیے جا رہے ہیں صوبائی حکومتوں کے ساتھ مشاورت کا عمل جاری ہے اور آئندہ چند روز میں مزید اعلانات متوقع ہیں عدالت نے کیس کی سماعت ملتوی کرتے ہوئے فریقین سے جواب طلب کر لیا ہے الیکشن کمیشن نے انتخابی شیڈول کے حوالے سے اجلاس طلب کیا ہے کھیلوں کے میدان میں قومی ٹیم نے شاندار کارکردگی کا مظاہرہ کیا
37
بقیہ
سب نیوز
اسلام آباد حکومت نے عوامی مسائل کے حل کیلئے اہم اقدامات کا اعلان کیا ہے اجلاس میں ملکی معیشت صورتحال اور ترقیاتی منصوبوں پر تفصیلی غور کیا گیا وزیر اعظم نے کہا کہ پاکستان ترقی کی راہ پر گامزن ہے اور عوام کو ریلیف دینا حکومت کی اولین ترجیح ہے انہوں نے کہا کہ مہنگائی میں کمی آئی ہے اور سرمایہ کاری میں اضافہ ہو رہا ہے پارلیمنٹ کے اجلاس میں قانون سازی پر بحث جاری رہی اپوزیشن نے حکومتی پالیسیوں پر تنقید کی تاہم وزرا نے جواب دیا کہ تمام فیصلے ملکی مفاد میں کیے جا رہے ہیں صوبائی حکومتوں کے ساتھ مشاورت کا عمل جاری ہے اور آئندہ چند روز میں مزید اعلانات متوقع ہیں عدالت نے کیس کی سماعت ملتوی کرتے ہوئے فریقین سے جواب طلب کر لیا ہے الیکشن کمیشن نے انتخابی شیڈول کے حوالے سے اجلاس طلب کیا ہے کھیلوں کے میدان میں قومی ٹیم نے شاندار کارکردگی کا مظاہرہ کیا
38
بقیہ
سب نیوز
اسلام آباد حکومت نے عوامی مسائل کے حل کیلئے اہم اقدامات کا اعلان کیا ہے اجلاس میں ملکی معیشت صورتحال اور ترقیاتی منصوبوں پر تفصیلی غور کیا گیا وزیر اعظم نے کہا کہ پاکستان ترقی کی راہ پر گامزن ہے اور عوام کو ریلیف دینا حکومت کی اولین ترجیح ہے انہوں نے کہا کہ مہنگائی میں کمی آئی ہے اور سرمایہ کاری میں اضافہ ہو رہا ہے پارلیمنٹ کے اجلاس میں قانون سازی پر بحث جاری رہی اپوزیشن نے حکومتی پالیسیوں پر تنقید کی تاہم وزرا نے جواب دیا کہ تمام فیصلے ملکی مفاد میں کیے جا رہے ہیں صوبائی حکومتوں کے ساتھ مشاورت کا عمل جاری ہے اور آئندہ چند روز میں مزید اعلانات متوقع ہیں عدالت نے کیس کی سماعت ملتوی کرتے ہوئے فریقین سے جواب طلب کر لیا ہے الیکشن کمیشن نے انتخابی شیڈول کے حوالے سے اجلاس طلب کیا ہے کھیلوں کے میدان میں قومی ٹیم نے شاندار کارکردگی کا مظاہرہ کیا
39
بقیہ
سب نیوز
اسلام آباد حکومت نے عوامی مسائل کے حل کیلئے اہم اقدامات کا اعلان کیا ہے اجلاس میں ملکی معیشت صورتحال اور ترقیاتی منصوبوں پر تفصیلی غور کیا گیا وزیر اعظم نے کہا کہ پاکستان ترقی کی راہ پر گامزن ہے اور عوام کو ریلیف دینا حکومت کی اولین ترجیح ہے انہوں نے کہا کہ مہنگائی میں کمی آئی ہے اور سرمایہ کاری میں اضافہ ہو رہا ہے پارلیمنٹ کے اجلاس میں قانون سازی پر بحث جاری رہی اپوزیشن نے حکومتی پالیسیوں پر تنقید کی تاہم وزرا نے جواب دیا کہ تمام فیصلے ملکی مفاد میں کیے جا رہے ہیں صوبائی حکومتوں کے ساتھ مشاورت کا عمل جاری ہے اور آئندہ چند روز میں مزید اعلانات متوقع ہیں عدالت نے کیس کی سماعت ملتوی کرتے ہوئے فریقین سے جواب طلب کر لیا ہے الیکشن کمیشن نے انتخابی شیڈول کے حوالے سے اجلاس طلب کیا ہے کھیلوں کے میدان میں قومی ٹیم نے شاندار کارکردگی کا مظاہرہ کیا
40
بقیہ
سب نیوز
اسلام آباد حکومت نے عوامی مسائل کے حل کیلئے اہم اقدامات کا اعلان کیا ہے اجلاس میں ملکی معیشت صورتحال اور ترقیاتی منصوبوں پر تفصیلی غور کیا گیا وزیر اعظم نے کہا کہ پاکستان ترقی کی راہ پر گامزن ہے اور عوام کو ریلیف دینا حکومت کی اولین ترجیح ہے انہوں نے کہا کہ مہنگائی میں کمی آئی ہے اور سرمایہ کاری میں اضافہ ہو رہا ہے پارلیمنٹ کے اجلاس میں قانون سازی پر بحث جاری رہی اپوزیشن نے حکومتی پالیسیوں پر تنقید کی تاہم وزرا نے جواب دیا کہ تمام فیصلے ملکی مفاد میں کیے جا رہے ہیں صوبائی حکومتوں کے ساتھ مشاورت کا عمل جاری ہے اور آئندہ چند روز میں مزید اعلانات متوقع ہیں عدالت نے کیس کی سماعت ملتوی کرتے ہوئے فریقین سے جواب طلب کر لیا ہے الیکشن کمیشن نے انتخابی شیڈول کے حوالے سے اجلاس طلب کیا ہے کھیلوں کے میدان میں قومی ٹیم نے شاندار کارکردگی کا مظاہرہ کیا
41
بقیہ
سب نیوز
اسلام آباد حکومت نے عوامی مسائل کے حل کیلئے اہم اقدامات کا اعلان کیا ہے اجلاس میں ملکی معیشت صورتحال اور ترقیاتی منصوبوں پر تفصیلی غور کیا گیا وزیر اعظم نے کہا کہ پاکستان ترقی کی راہ پر گامزن ہے اور عوام کو ریلیف دینا حکومت کی اولین ترجیح ہے انہوں نے کہا کہ مہنگائی میں کمی آئی ہے اور سرمایہ کاری میں اضافہ ہو رہا ہے پارلیمنٹ کے اجلاس میں قانون سازی پر بحث جاری رہی اپوزیشن نے حکومتی پالیسیوں پر تنقید کی تاہم وزرا نے جواب دیا کہ تمام فیصلے ملکی مفاد میں کیے جا رہے ہیں صوبائی حکومتوں کے ساتھ مشاورت کا عمل جاری ہے اور آئندہ چند روز میں مزید اعلانات متوقع ہیں عدالت نے کیس کی سماعت ملتوی کرتے ہوئے فریقین سے جواب طلب کر لیا ہے الیکشن کمیشن نے انتخابی شیڈول کے حوالے سے اجلاس طلب کیا ہے کھیلوں کے میدان میں قومی ٹیم نے شاندار کارکردگی کا مظاہرہ کیا
42
بقیہ
سب نیوز
اسلام آباد حکومت نے عوامی مسائل کے حل کیلئے اہم اقدامات کا اعلان کیا ہے اجلاس میں ملکی معیشت صورتحال اور ترقیاتی منصوبوں پر تفصیلی غور کیا گیا وزیر اعظم نے کہا کہ پاکستان ترقی کی راہ پر گامزن ہے اور عوام کو ریلیف دینا حکومت کی اولین ترجیح ہے انہوں نے کہا کہ مہنگائی میں کمی آئی ہے اور سرمایہ کاری میں اضافہ ہو رہا ہے پارلیمنٹ کے اجلاس میں قانون سازی پر بحث جاری رہی اپوزیشن نے حکومتی پالیسیوں پر تنقید کی تاہم وزرا نے جواب دیا کہ تمام فیصلے ملکی مفاد میں کیے جا رہے ہیں صوبائی حکومتوں کے ساتھ مشاورت کا عمل جاری ہے اور آئندہ چند روز میں مزید اعلانات متوقع ہیں عدالت نے کیس کی سماعت ملتوی کرتے ہوئے فریقین سے جواب طلب کر لیا ہے الیکشن کمیشن نے انتخابی شیڈول کے حوالے سے اجلاس طلب کیا ہے کھیلوں کے میدان میں قومی ٹیم نے شاندار کارکردگی کا مظاہرہ کیا
43
بقیہ
سب نیوز
اسلام آباد حکومت نے عوامی مسائل کے حل کیلئے اہم اقدامات کا اعلان کیا ہے اجلاس میں ملکی معیشت صورتحال اور ترقیاتی منصوبوں پر تفصیلی غور کیا گیا وزیر اعظم نے کہا کہ پاکستان ترقی کی راہ پر گامزن ہے اور عوام کو ریلیف دینا حکومت کی اولین ترجیح ہے انہوں نے کہا کہ مہنگائی میں کمی آئی ہے اور سرمایہ کاری میں اضافہ ہو رہا ہے پارلیمنٹ کے اجلاس میں قانون سازی پر بحث جاری رہی اپوزیشن نے حکومتی پالیسیوں پر تنقید کی تاہم وزرا نے جواب دیا کہ تمام فیصلے ملکی مفاد میں کیے جا رہے ہیں صوبائی حکومتوں کے ساتھ مشاورت کا عمل جاری ہے اور آئندہ چند روز میں مزید اعلانات متوقع ہیں عدالت نے کیس کی سماعت ملتوی کرتے ہوئے فریقین سے جواب طلب کر لیا ہے الیکشن کمیشن نے انتخابی شیڈول کے حوالے سے اجلاس طلب کیا ہے کھیلوں کے میدان میں قومی ٹیم نے شاندار کارکردگی کا مظاہرہ کیا
44
بقیہ
سب نیوز
اسلام آباد حکومت نے عوامی مسائل کے حل کیلئے اہم اقدامات کا اعلان کیا ہے اجلاس میں ملکی معیشت صورتحال اور ترقیاتی منصوبوں پر تفصیلی غور کیا گیا وزیر اعظم نے کہا کہ پاکستان ترقی کی راہ پر گامزن ہے اور عوام کو ریلیف دینا حکومت کی اولین ترجیح ہے انہوں نے کہا کہ مہنگائی میں کمی آئی ہے اور سرمایہ کاری میں اضافہ ہو رہا ہے پارلیمنٹ کے اجلاس میں قانون سازی پر بحث جاری رہی اپوزیشن نے حکومتی پالیسیوں پر تنقید کی تاہم وزرا نے جواب دیا کہ تمام فیصلے ملکی مفاد میں کیے جا رہے ہیں صوبائی حکومتوں کے ساتھ مشاورت کا عمل جاری ہے اور آئندہ چند روز میں مزید اعلانات متوقع ہیں عدالت نے کیس کی سماعت ملتوی کرتے ہوئے فریقین سے جواب طلب کر لیا ہے الیکشن کمیشن نے انتخابی شیڈول کے حوالے سے اجلاس طلب کیا ہے کھیلوں کے میدان میں قومی ٹیم نے شاندار کارکردگی کا مظاہرہ کیا
45
بقیہ
سب نیوز
اسلام آباد حکومت نے عوامی مسائل کے حل کیلئے اہم اقدامات کا اعلان کیا ہے اجلاس میں ملکی معیشت صورتحال اور ترقیاتی منصوبوں پر تفصیلی غور کیا گیا وزیر اعظم نے کہا کہ پاکستان ترقی کی راہ پر گامزن ہے اور عوام کو ریلیف دینا حکومت کی اولین ترجیح ہے انہوں نے کہا کہ مہنگائی میں کمی آئی ہے اور سرمایہ کاری میں اضافہ ہو رہا ہے پارلیمنٹ کے اجلاس میں قانون سازی پر بحث جاری رہی اپوزیشن نے حکومتی پالیسیوں پر تنقید کی تاہم وزرا نے جواب دیا کہ تمام فیصلے ملکی مفاد میں کیے جا رہے ہیں صوبائی حکومتوں کے ساتھ مشاورت کا عمل جاری ہے اور آئندہ چند روز میں مزید اعلانات متوقع ہیں عدالت نے کیس کی سماعت ملتوی کرتے ہوئے فریقین سے جواب طلب کر لیا ہے الیکشن کمیشن نے انتخابی شیڈول کے حوالے سے اجلاس طلب کیا ہے کھیلوں کے میدان میں قومی ٹیم نے شاندار کارکردگی کا مظاہرہ کیا
46
بقیہ
سب نیوز
اسلام آباد حکومت نے عوامی مسائل کے حل کیلئے اہم اقدامات کا اعلان کیا ہے اجلاس میں ملکی معیشت صورتحال اور ترقیاتی منصوبوں پر تفصیلی غور کیا گیا وزیر اعظم نے کہا کہ پاکستان ترقی کی راہ پر گامزن ہے اور عوام کو ریلیف دینا حکومت کی اولین ترجیح ہے انہوں نے کہا کہ مہنگائی میں کمی آئی ہے اور سرمایہ کاری میں اضافہ ہو رہا ہے پارلیمنٹ کے اجلاس میں قانون سازی پر بحث جاری رہی اپوزیشن نے حکومتی پالیسیوں پر تنقید کی تاہم وزرا نے جواب دیا کہ تمام فیصلے ملکی مفاد میں کیے جا رہے ہیں صوبائی حکومتوں کے ساتھ مشاورت کا عمل جاری ہے اور آئندہ چند روز میں مزید اعلانات متوقع ہیں عدالت نے کیس کی سماعت ملتوی کرتے ہوئے فریقین سے جواب طلب کر لیا ہے الیکشن کمیشن نے انتخابی شیڈول کے حوالے سے اجلاس طلب کیا ہے کھیلوں کے میدان میں قومی ٹیم نے شاندار کارکردگی کا مظاہرہ کیا
47
بقیہ
سب نیوز
اسلام آباد حکومت نے عوامی مسائل کے حل کیلئے اہم اقدامات کا اعلان کیا ہے اجلاس میں ملکی معیشت صورتحال اور ترقیاتی منصوبوں پر تفصیلی غور کیا گیا وزیر اعظم نے کہا کہ پاکستان ترقی کی راہ پر گامزن ہے اور عوام کو ریلیف دینا حکومت کی اولین ترجیح ہے انہوں نے کہا کہ مہنگائی میں کمی آئی ہے اور سرمایہ کاری میں اضافہ ہو رہا ہے پارلیمنٹ کے اجلاس میں قانون سازی پر بحث جاری رہی اپوزیشن نے حکومتی پالیسیوں پر تنقید کی تاہم وزرا نے جواب دیا کہ تمام فیصلے ملکی مفاد میں کیے جا رہے ہیں صوبائی حکومتوں کے ساتھ مشاورت کا عمل جاری ہے اور آئندہ چند روز میں مزید اعلانات متوقع ہیں عدالت نے کیس کی سماعت ملتوی کرتے ہوئے فریقین سے جواب طلب کر لیا ہے الیکشن کمیشن نے انتخابی شیڈول کے حوالے سے اجلاس طلب کیا ہے کھیلوں کے میدان میں قومی ٹیم نے شاندار کارکردگی کا مظاہرہ کیا
48
بقیہ
سب نیوز
اسلام آباد حکومت نے عوامی مسائل کے حل کیلئے اہم اقدامات کا اعلان کیا ہے اجلاس میں ملکی معیشت صورتحال اور ترقیاتی منصوبوں پر تفصیلی غور کیا گیا وزیر اعظم نے کہا کہ پاکستان ترقی کی راہ پر گامزن ہے اور عوام کو ریلیف دینا حکومت کی اولین ترجیح ہے انہوں نے کہا کہ مہنگائی میں کمی آئی ہے اور سرمایہ کاری میں اضافہ ہو رہا ہے پارلیمنٹ کے اجلاس میں قانون سازی پر بحث جاری رہی اپوزیشن نے حکومتی پالیسیوں پر تنقید کی تاہم وزرا نے جواب دیا کہ تمام فیصلے ملکی مفاد میں کیے جا رہے ہیں صوبائی حکومتوں کے ساتھ مشاورت کا عمل جاری ہے اور آئندہ چند روز میں مزید اعلانات متوقع ہیں عدالت نے کیس کی سماعت ملتوی کرتے ہوئے فریقین سے جواب طلب کر لیا ہے الیکشن کمیشن نے انتخابی شیڈول کے حوالے سے اجلاس طلب کیا ہے کھیلوں کے میدان میں قومی ٹیم نے شاندار کارکردگی کا مظاہرہ کیا
49
بقیہ
سب نیوز
اسلام آباد حکومت نے عوامی مسائل کے حل کیلئے اہم اقدامات کا اعلان کیا ہے اجلاس میں ملکی معیشت صورتحال اور ترقیاتی منصوبوں پر تفصیلی غور کیا گیا وزیر اعظم نے کہا کہ پاکستان ترقی کی راہ پر گامزن ہے اور عوام کو ریلیف دینا حکومت کی اولین ترجیح ہے انہوں نے کہا کہ مہنگائی میں کمی آئی ہے اور سرمایہ کاری میں اضافہ ہو رہا ہے پارلیمنٹ کے اجلاس میں قانون سازی پر بحث جاری رہی اپوزیشن نے حکومتی پالیسیوں پر تنقید کی تاہم وزرا نے جواب دیا کہ تمام فیصلے ملکی مفاد میں کیے جا رہے ہیں صوبائی حکومتوں کے ساتھ مشاورت کا عمل جاری ہے اور آئندہ چند روز میں مزید اعلانات متوقع ہیں عدالت نے کیس کی سماعت ملتوی کرتے ہوئے فریقین سے جواب طلب کر لیا ہے الیکشن کمیشن نے انتخابی شیڈول کے حوالے سے اجلاس طلب کیا ہے کھیلوں کے میدان میں قومی ٹیم نے شاندار کارکردگی کا مظاہرہ کیا
50
بقیہ
سب نیوز
اسلام آباد حکومت نے عوامی مسائل کے حل کیلئے اہم اقدامات کا اعلان کیا ہے اجلاس میں ملکی معیشت صورتحال اور ترقیاتی منصوبوں پر تفصیلی غور کیا گیا وزیر اعظم نے کہا کہ پاکستان ترقی کی راہ پر گامزن ہے اور عوام کو ریلیف دینا حکومت کی اولین ترجیح ہے انہوں نے کہا کہ مہنگائی میں کمی آئی ہے اور سرمایہ کاری میں اضافہ ہو رہا ہے پارلیمنٹ کے اجلاس میں قانون سازی پر بحث جاری رہی اپوزیشن نے حکومتی پالیسیوں پر تنقید کی تاہم وزرا نے جواب دیا کہ تمام فیصلے ملکی مفاد میں کیے جا رہے ہیں صوبائی حکومتوں کے ساتھ مشاورت کا عمل جاری ہے اور آئندہ چند روز میں مزید اعلانات متوقع ہیں عدالت نے کیس کی سماعت ملتوی کرتے ہوئے فریقین سے جواب طلب کر لیا ہے الیکشن کمیشن نے انتخابی شیڈول کے حوالے سے اجلاس طلب کیا ہے کھیلوں کے میدان میں قومی ٹیم نے شاندار کارکردگی کا مظاہرہ کیا
51
بقیہ
سب نیوز
اسلام آباد حکومت نے عوامی مسائل کے حل کیلئے اہم اقدامات کا اعلان کیا ہے اجلاس میں ملکی معیشت صورتحال اور ترقیاتی منصوبوں پر تفصیلی غور کیا گیا وزیر اعظم نے کہا کہ پاکستان ترقی کی راہ پر گامزن ہے اور عوام کو ریلیف دینا حکومت کی اولین ترجیح ہے انہوں نے کہا کہ مہنگائی میں کمی آئی ہے اور سرمایہ کاری میں اضافہ ہو رہا ہے پارلیمنٹ کے اجلاس میں قانون سازی پر بحث جاری رہی اپوزیشن نے حکومتی پالیسیوں پر تنقید کی تاہم وزرا نے جواب دیا کہ تمام فیصلے ملکی مفاد میں کیے جا رہے ہیں صوبائی حکومتوں کے ساتھ مشاورت کا عمل جاری ہے اور آئندہ چند روز میں مزید اعلانات متوقع ہیں عدالت نے کیس کی سماعت ملتوی کرتے ہوئے فریقین سے جواب طلب کر لیا ہے الیکشن کمیشن نے انتخابی شیڈول کے حوالے سے اجلاس طلب کیا ہے کھیلوں کے میدان میں قومی ٹیم نے شاندار کارکردگی کا مظاہرہ کیا
52
بقیہ
سب نیوز
اسلام آباد حکومت نے عوامی مسائل کے حل کیلئے اہم اقدامات کا اعلان کیا ہے اجلاس میں ملکی معیشت صورتحال اور ترقیاتی منصوبوں پر تفصیلی غور کیا گیا وزیر اعظم نے کہا کہ پاکستان ترقی کی راہ پر گامزن ہے اور عوام کو ریلیف دینا حکومت کی اولین ترجیح ہے انہوں نے کہا کہ مہنگائی میں کمی آئی ہے اور سرمایہ کاری میں اضافہ ہو رہا ہے پارلیمنٹ کے اجلاس میں قانون سازی پر بحث جاری رہی اپوزیشن نے حکومتی پالیسیوں پر تنقید کی تاہم وزرا نے جواب دیا کہ تمام فیصلے ملکی مفاد میں کیے جا رہے ہیں صوبائی حکومتوں کے ساتھ مشاورت کا عمل جاری ہے اور آئندہ چند روز میں مزید اعلانات متوقع ہیں عدالت نے کیس کی سماعت ملتوی کرتے ہوئے فریقین سے جواب طلب کر لیا ہے الیکشن کمیشن نے انتخابی شیڈول کے حوالے سے اجلاس طلب کیا ہے کھیلوں کے میدان میں قومی ٹیم نے شاندار کارکردگی کا مظاہرہ کیا
53
بقیہ
سب نیوز
اسلام آباد حکومت نے عوامی مسائل کے حل کیلئے اہم اقدامات کا اعلان کیا ہے اجلاس میں ملکی معیشت صورتحال اور ترقیاتی منصوبوں پر تفصیلی غور کیا گیا وزیر اعظم نے کہا کہ پاکستان ترقی کی راہ پر گامزن ہے اور عوام کو ریلیف دینا حکومت کی اولین ترجیح ہے انہوں نے کہا کہ مہنگائی میں کمی آئی ہے اور سرمایہ کاری میں اضافہ ہو رہا ہے پارلیمنٹ کے اجلاس میں قانون سازی پر بحث جاری رہی اپوزیشن نے حکومتی پالیسیوں پر تنقید کی تاہم وزرا نے جواب دیا کہ تمام فیصلے ملکی مفاد میں کیے جا رہے ہیں صوبائی حکومتوں کے ساتھ مشاورت کا عمل جاری ہے اور آئندہ چند روز میں مزید اعلانات متوقع ہیں عدالت نے کیس کی سماعت ملتوی کرتے ہوئے فریقین سے جواب طلب کر لیا ہے الیکشن کمیشن نے انتخابی شیڈول کے حوالے سے اجلاس طلب کیا ہے کھیلوں کے میدان میں قومی ٹیم نے شاندار کارکردگی کا مظاہرہ کیا
54
بقیہ
سب نیوز
اسلام آباد حکومت نے عوامی مسائل کے حل کیلئے اہم اقدامات کا اعلان کیا ہے اجلاس میں ملکی معیشت صورتحال اور ترقیاتی منصوبوں پر تفصیلی غور کیا گیا وزیر اعظم نے کہا کہ پاکستان ترقی کی راہ پر گامزن ہے اور عوام کو ریلیف دینا حکومت کی اولین ترجیح ہے انہوں نے کہا کہ مہنگائی میں کمی آئی ہے اور سرمایہ کاری میں اضافہ ہو رہا ہے پارلیمنٹ کے اجلاس میں قانون سازی پر بحث جاری رہی اپوزیشن نے حکومتی پالیسیوں پر تنقید کی تاہم وزرا نے جواب دیا کہ تمام فیصلے ملکی مفاد میں کیے جا رہے ہیں صوبائی حکومتوں کے ساتھ مشاورت کا عمل جاری ہے اور آئندہ چند روز میں مزید اعلانات متوقع ہیں عدالت نے کیس کی سماعت ملتوی کرتے ہوئے فریقین سے جواب طلب کر لیا ہے الیکشن کمیشن نے انتخابی شیڈول کے حوالے سے اجلاس طلب کیا ہے کھیلوں کے میدان میں قومی ٹیم نے شاندار کارکردگی کا مظاہرہ کیا
55
بقیہ
سب نیوز
اسلام آباد حکومت نے عوامی مسائل کے حل کیلئے اہم اقدامات کا اعلان کیا ہے اجلاس میں ملکی معیشت صورتحال اور ترقیاتی منصوبوں پر تفصیلی غور کیا گیا وزیر اعظم نے کہا کہ پاکستان ترقی کی راہ پر گامزن ہے اور عوام کو ریلیف دینا حکومت کی اولین ترجیح ہے انہوں نے کہا کہ مہنگائی میں کمی آئی ہے اور سرمایہ کاری میں اضافہ ہو رہا ہے پارلیمنٹ کے اجلاس میں قانون سازی پر بحث جاری رہی اپوزیشن نے حکومتی پالیسیوں پر تنقید کی تاہم وزرا نے جواب دیا کہ تمام فیصلے ملکی مفاد میں کیے جا رہے ہیں صوبائی حکومتوں کے ساتھ مشاورت کا عمل جاری ہے اور آئندہ چند روز میں مزید اعلانات متوقع ہیں عدالت نے کیس کی سماعت ملتوی کرتے ہوئے فریقین سے جواب طلب کر لیا ہے الیکشن کمیشن نے انتخابی شیڈول کے حوالے سے اجلاس طلب کیا ہے کھیلوں کے میدان میں قومی ٹیم نے شاندار کارکردگی کا مظاہرہ کیا
56
بقیہ
سب نیوز
اسلام آباد حکومت نے عوامی مسائل کے حل کیلئے اہم اقدامات کا اعلان کیا ہے اجلاس میں ملکی معیشت صورتحال اور ترقیاتی منصوبوں پر تفصیلی غور کیا گیا وزیر اعظم نے کہا کہ پاکستان ترقی کی راہ پر گامزن ہے اور عوام کو ریلیف دینا حکومت کی اولین ترجیح ہے انہوں نے کہا کہ مہنگائی میں کمی آئی ہے اور سرمایہ کاری میں اضافہ ہو رہا ہے پارلیمنٹ کے اجلاس میں قانون سازی پر بحث جاری رہی اپوزیشن نے حکومتی پالیسیوں پر تنقید کی تاہم وزرا نے جواب دیا کہ تمام فیصلے ملکی مفاد میں کیے جا رہے ہیں صوبائی حکومتوں کے ساتھ مشاورت کا عمل جاری ہے اور آئندہ چند روز میں مزید اعلانات متوقع ہیں عدالت نے کیس کی سماعت ملتوی کرتے ہوئے فریقین سے جواب طلب کر لیا ہے الیکشن کمیشن نے انتخابی شیڈول کے حوالے سے اجلاس طلب کیا ہے کھیلوں کے میدان میں قومی ٹیم نے شاندار کارکردگی کا مظاہرہ کیا
57
بقیہ
سب نیوز
اسلام آباد حکومت نے عوامی مسائل کے حل کیلئے اہم اقدامات کا اعلان کیا ہے اجلاس میں ملکی معیشت صورتحال اور ترقیاتی منصوبوں پر تفصیلی غور کیا گیا وزیر اعظم نے کہا کہ پاکستان ترقی کی راہ پر گامزن ہے اور عوام کو ریلیف دینا حکومت کی اولین ترجیح ہے انہوں نے کہا کہ مہنگائی میں کمی آئی ہے اور سرمایہ کاری میں اضافہ ہو رہا ہے پارلیمنٹ کے اجلاس میں قانون سازی پر بحث جاری رہی اپوزیشن نے حکومتی پالیسیوں پر تنقید کی تاہم وزرا نے جواب دیا کہ تمام فیصلے ملکی مفاد میں کیے جا رہے ہیں صوبائی حکومتوں کے ساتھ مشاورت کا عمل جاری ہے اور آئندہ چند روز میں مزید اعلانات متوقع ہیں عدالت نے کیس کی سماعت ملتوی کرتے ہوئے فریقین سے جواب طلب کر لیا ہے الیکشن کمیشن نے انتخابی شیڈول کے حوالے سے اجلاس طلب کیا ہے کھیلوں کے میدان میں قومی ٹیم نے شاندار کارکردگی کا مظاہرہ کیا
58
بقیہ
سب نیوز
اسلام آباد حکومت نے عوامی مسائل کے حل کیلئے اہم اقدامات کا اعلان کیا ہے اجلاس میں ملکی معیشت صورتحال اور ترقیاتی منصوبوں پر تفصیلی غور کیا گیا وزیر اعظم نے کہا کہ پاکستان ترقی کی راہ پر گامزن ہے اور عوام کو ریلیف دینا حکومت کی اولین ترجیح ہے انہوں نے کہا کہ مہنگائی میں کمی آئی ہے اور سرمایہ کاری میں اضافہ ہو رہا ہے پارلیمنٹ کے اجلاس میں قانون سازی پر بحث جاری رہی اپوزیشن نے حکومتی پالیسیوں پر تنقید کی تاہم وزرا نے جواب دیا کہ تمام فیصلے ملکی مفاد میں کیے جا رہے ہیں صوبائی حکومتوں کے ساتھ مشاورت کا عمل جاری ہے اور آئندہ چند روز میں مزید اعلانات متوقع ہیں عدالت نے کیس کی سماعت ملتوی کرتے ہوئے فریقین سے جواب طلب کر لیا ہے الیکشن کمیشن نے انتخابی شیڈول کے حوالے سے اجلاس طلب کیا ہے کھیلوں کے میدان میں قومی ٹیم نے شاندار کارکردگی کا مظاہرہ کیا
59
بقیہ
سب نیوز
اسلام آباد حکومت نے عوامی مسائل کے حل کیلئے اہم اقدامات کا اعلان کیا ہے اجلاس میں ملکی معیشت صورتحال اور ترقیاتی منصوبوں پر تفصیلی غور کیا گیا وزیر اعظم نے کہا کہ پاکستان ترقی کی راہ پر گامزن ہے اور عوام کو ریلیف دینا حکومت کی اولین ترجیح ہے انہوں نے کہا کہ مہنگائی میں کمی آئی ہے اور سرمایہ کاری میں اضافہ ہو رہا ہے پارلیمنٹ کے اجلاس میں قانون سازی پر بحث جاری رہی اپوزیشن نے حکومتی پالیسیوں پر تنقید کی تاہم وزرا نے جواب دیا کہ تمام فیصلے ملکی مفاد میں کیے جا رہے ہیں صوبائی حکومتوں کے ساتھ مشاورت کا عمل جاری ہے اور آئندہ چند روز میں مزید اعلانات متوقع ہیں عدالت نے کیس کی سماعت ملتوی کرتے ہوئے فریقین سے جواب طلب کر لیا ہے الیکشن کمیشن نے انتخابی شیڈول کے حوالے سے اجلاس طلب کیا ہے کھیلوں کے میدان میں قومی ٹیم نے شاندار کارکردگی کا مظاہرہ کیا
60
بقیہ
سب نیوز
اسلام آباد حکومت نے عوامی مسائل کے حل کیلئے اہم اقدامات کا اعلان کیا ہے اجلاس میں ملکی معیشت صورتحال اور ترقیاتی منصوبوں پر تفصیلی غور کیا گیا وزیر اعظم نے کہا کہ پاکستان ترقی کی راہ پر گامزن ہے اور عوام کو ریلیف دینا حکومت کی اولین ترجیح ہے انہوں نے کہا کہ مہنگائی میں کمی آئی ہے اور سرمایہ کاری میں اضافہ ہو رہا ہے پارلیمنٹ کے اجلاس میں قانون سازی پر بحث جاری رہی اپوزیشن نے حکومتی پالیسیوں پر تنقید کی تاہم وزرا نے جواب دیا کہ تمام فیصلے ملکی مفاد میں کیے جا رہے ہیں صوبائی حکومتوں کے ساتھ مشاورت کا عمل جاری ہے اور آئندہ چند روز میں مزید اعلانات متوقع ہیں عدالت نے کیس کی سماعت ملتوی کرتے ہوئے فریقین سے جواب طلب کر لیا ہے الیکشن کمیشن نے انتخابی شیڈول کے حوالے سے اجلاس طلب کیا ہے کھیلوں کے میدان میں قومی ٹیم نے شاندار کارکردگی کا مظاہرہ کیا
